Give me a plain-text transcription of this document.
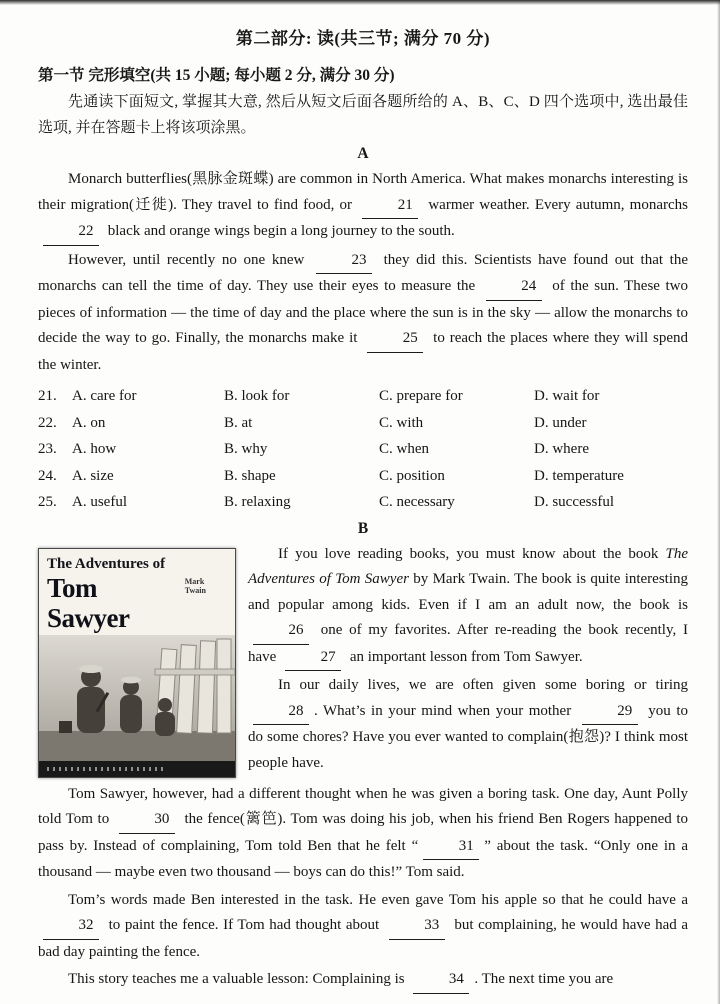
第二部分: 读(共三节; 满分 70 分)
第一节 完形填空(共 15 小题; 每小题 2 分, 满分 30 分)

先通读下面短文, 掌握其大意, 然后从短文后面各题所给的 A、B、C、D 四个选项中, 选出最佳选项, 并在答题卡上将该项涂黑。

A

Monarch butterflies(黑脉金斑蝶) are common in North America. What makes monarchs interesting is their migration(迁徙). They travel to find food, or	21 warmer weather. Every autumn, monarchs 22 black and orange wings begin a long journey to the south.

However, until recently no one knew	23 they did this. Scientists have found out that the monarchs can tell the time of day. They use their eyes to measure the	24 of the sun. These two pieces of information — the time of day and the place where the sun is in the sky — allow the monarchs to decide the way to go. Finally, the monarchs make it	25 to reach the places where they will spend the winter.

21.	A. care for	B. look for	C. prepare for	D. wait for
22.	A. on	B. at	C. with	D. under
23.	A. how	B. why	C. when	D. where
24.	A. size	B. shape	C. position	D. temperature
25.	A. useful	B. relaxing	C. necessary	D. successful
B
The Adventures of
Tom Sawyer
Mark Twain

If you love reading books, you must know about the book The Adventures of Tom Sawyer by Mark Twain. The book is quite interesting and popular among kids. Even if I am an adult now, the book is 26 one of my favorites. After re-reading the book recently, I have	27 an important lesson from Tom Sawyer.

In our daily lives, we are often given some boring or tiring 28 . What’s in your mind when your mother	29 you to do some chores? Have you ever wanted to complain(抱怨)? I think most people have.

Tom Sawyer, however, had a different thought when he was given a boring task. One day, Aunt Polly told Tom to	30 the fence(篱笆). Tom was doing his job, when his friend Ben Rogers happened to pass by. Instead of complaining, Tom told Ben that he felt “	31 ” about the task. “Only one in a thousand — maybe even two thousand — boys can do this!” Tom said.

Tom’s words made Ben interested in the task. He even gave Tom his apple so that he could have a 32 to paint the fence. If Tom had thought about	33 but complaining, he would have had a bad day painting the fence.

This story teaches me a valuable lesson: Complaining is	34 . The next time you are
